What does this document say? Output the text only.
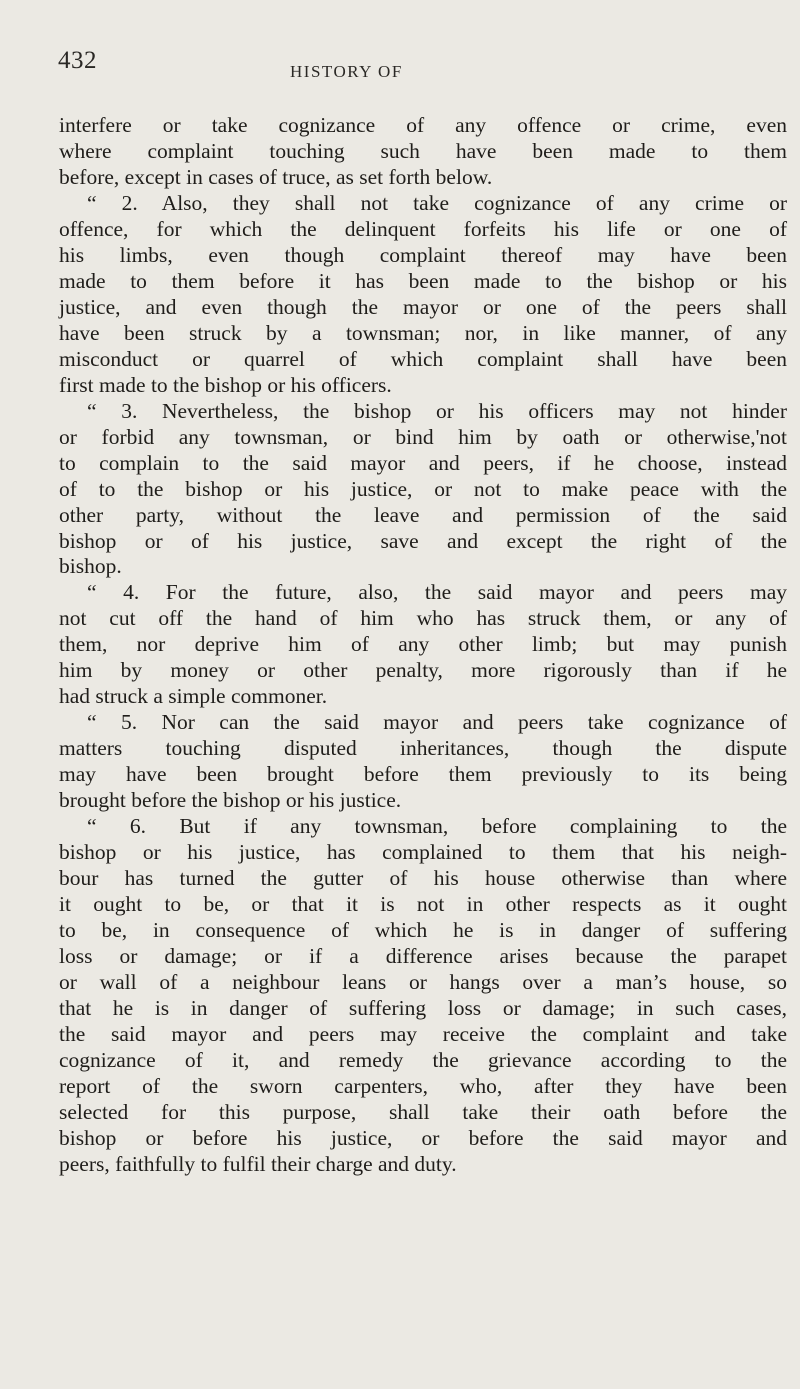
432	HISTORY OF
interfere or take cognizance of any offence or crime, even
where complaint touching such have been made to them
before, except in cases of truce, as set forth below.
“ 2. Also, they shall not take cognizance of any crime or
offence, for which the delinquent forfeits his life or one of
his limbs, even though complaint thereof may have been
made to them before it has been made to the bishop or his
justice, and even though the mayor or one of the peers shall
have been struck by a townsman; nor, in like manner, of any
misconduct or quarrel of which complaint shall have been
first made to the bishop or his officers.
“ 3. Nevertheless, the bishop or his officers may not hinder
or forbid any townsman, or bind him by oath or otherwise,'not
to complain to the said mayor and peers, if he choose, instead
of to the bishop or his justice, or not to make peace with the
other party, without the leave and permission of the said
bishop or of his justice, save and except the right of the
bishop.
“ 4. For the future, also, the said mayor and peers may
not cut off the hand of him who has struck them, or any of
them, nor deprive him of any other limb; but may punish
him by money or other penalty, more rigorously than if he
had struck a simple commoner.
“ 5. Nor can the said mayor and peers take cognizance of
matters touching disputed inheritances, though the dispute
may have been brought before them previously to its being
brought before the bishop or his justice.
“ 6. But if any townsman, before complaining to the
bishop or his justice, has complained to them that his neigh-
bour has turned the gutter of his house otherwise than where
it ought to be, or that it is not in other respects as it ought
to be, in consequence of which he is in danger of suffering
loss or damage; or if a difference arises because the parapet
or wall of a neighbour leans or hangs over a man’s house, so
that he is in danger of suffering loss or damage; in such cases,
the said mayor and peers may receive the complaint and take
cognizance of it, and remedy the grievance according to the
report of the sworn carpenters, who, after they have been
selected for this purpose, shall take their oath before the
bishop or before his justice, or before the said mayor and
peers, faithfully to fulfil their charge and duty.
